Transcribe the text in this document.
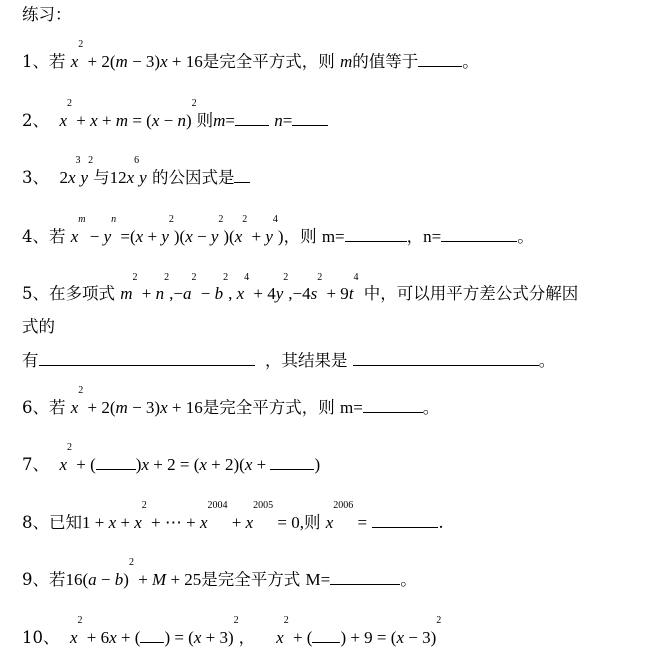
练习：
1、若 $x^2 + 2(m - 3)x + 16$是完全平方式，则 m的值等于	。
2、 $x^2 + x + m = (x - n)^2$则m= n=
3、 $2x^3y^2$与$12x^6y$ 的公因式是
4、若 $x^m - y^n =(x + y^2)(x - y^2)(x^2 + y^4)$，则 m=	，n=	。
5、在多项式 $m^2 + n^2,-a^2 - b^2$, $x^4 + 4y^2,-4s^2 + 9t^4$ 中，可以用平方差公式分解因
式的
有	，其结果是	。
6、若 $x^2 + 2(m - 3)x + 16$是完全平方式，则 m=	。
7、 $x^2$ + ( )x + 2 = (x + 2)(x +	)
8、已知$1 + x + x^2$ + ⋯ + $x^{2004} + x^{2005} = 0$,则 $x^{2006}$ =	.
9、若$16(a - b)^2 + M + 25$是完全平方式 M=	。
10、 $x^2 + 6x$ + ( ) = $(x + 3)^2$， $x^2$ + ( ) + $9 = (x - 3)^2$
